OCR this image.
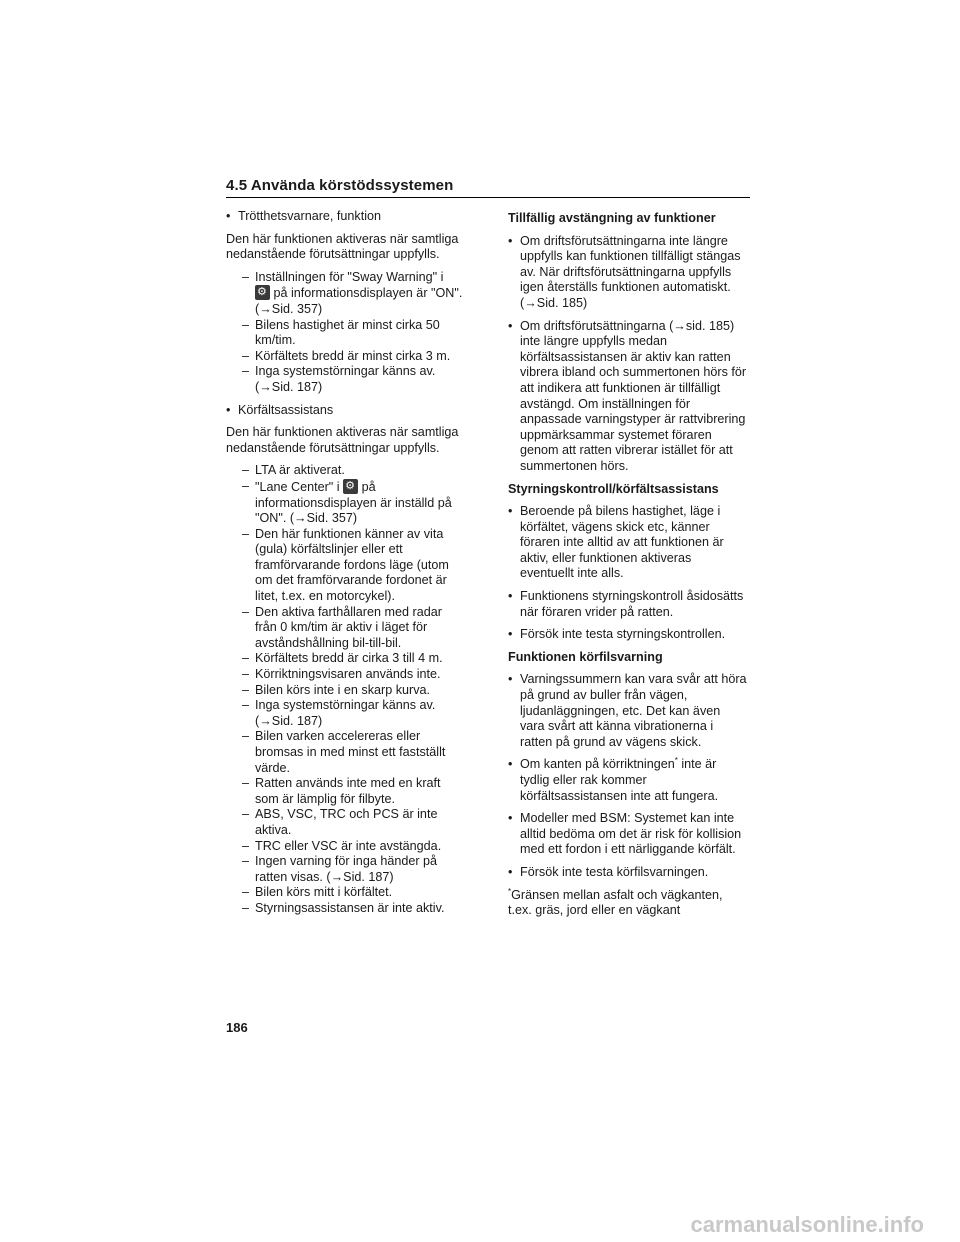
4.5 Använda körstödssystemen
• Trötthetsvarnare, funktion
Den här funktionen aktiveras när samtliga nedanstående förutsättningar uppfylls.
– Inställningen för "Sway Warning" i
⚙ på informationsdisplayen är "ON". (→Sid. 357)
– Bilens hastighet är minst cirka 50 km/tim.
– Körfältets bredd är minst cirka 3 m.
– Inga systemstörningar känns av. (→Sid. 187)
• Körfältsassistans
Den här funktionen aktiveras när samtliga nedanstående förutsättningar uppfylls.
– LTA är aktiverat.
– "Lane Center" i ⚙ på
informationsdisplayen är inställd på "ON". (→Sid. 357)
– Den här funktionen känner av vita (gula) körfältslinjer eller ett framförvarande fordons läge (utom om det framförvarande fordonet är litet, t.ex. en motorcykel).
– Den aktiva farthållaren med radar från 0 km/tim är aktiv i läget för avståndshållning bil-till-bil.
– Körfältets bredd är cirka 3 till 4 m.
– Körriktningsvisaren används inte.
– Bilen körs inte i en skarp kurva.
– Inga systemstörningar känns av. (→Sid. 187)
– Bilen varken accelereras eller bromsas in med minst ett fastställt värde.
– Ratten används inte med en kraft som är lämplig för filbyte.
– ABS, VSC, TRC och PCS är inte aktiva.
– TRC eller VSC är inte avstängda.
– Ingen varning för inga händer på ratten visas. (→Sid. 187)
– Bilen körs mitt i körfältet.
– Styrningsassistansen är inte aktiv.
Tillfällig avstängning av funktioner
• Om driftsförutsättningarna inte längre uppfylls kan funktionen tillfälligt stängas av. När driftsförutsättningarna uppfylls igen återställs funktionen automatiskt. (→Sid. 185)
• Om driftsförutsättningarna (→sid. 185) inte längre uppfylls medan körfältsassistansen är aktiv kan ratten vibrera ibland och summertonen hörs för att indikera att funktionen är tillfälligt avstängd. Om inställningen för anpassade varningstyper är rattvibrering uppmärksammar systemet föraren genom att ratten vibrerar istället för att summertonen hörs.
Styrningskontroll/körfältsassistans
• Beroende på bilens hastighet, läge i körfältet, vägens skick etc, känner föraren inte alltid av att funktionen är aktiv, eller funktionen aktiveras eventuellt inte alls.
• Funktionens styrningskontroll åsidosätts när föraren vrider på ratten.
• Försök inte testa styrningskontrollen.
Funktionen körfilsvarning
• Varningssummern kan vara svår att höra på grund av buller från vägen, ljudanläggningen, etc. Det kan även vara svårt att känna vibrationerna i ratten på grund av vägens skick.
• Om kanten på körriktningen* inte är tydlig eller rak kommer körfältsassistansen inte att fungera.
• Modeller med BSM: Systemet kan inte alltid bedöma om det är risk för kollision med ett fordon i ett närliggande körfält.
• Försök inte testa körfilsvarningen.
*Gränsen mellan asfalt och vägkanten, t.ex. gräs, jord eller en vägkant
186
carmanualsonline.info
